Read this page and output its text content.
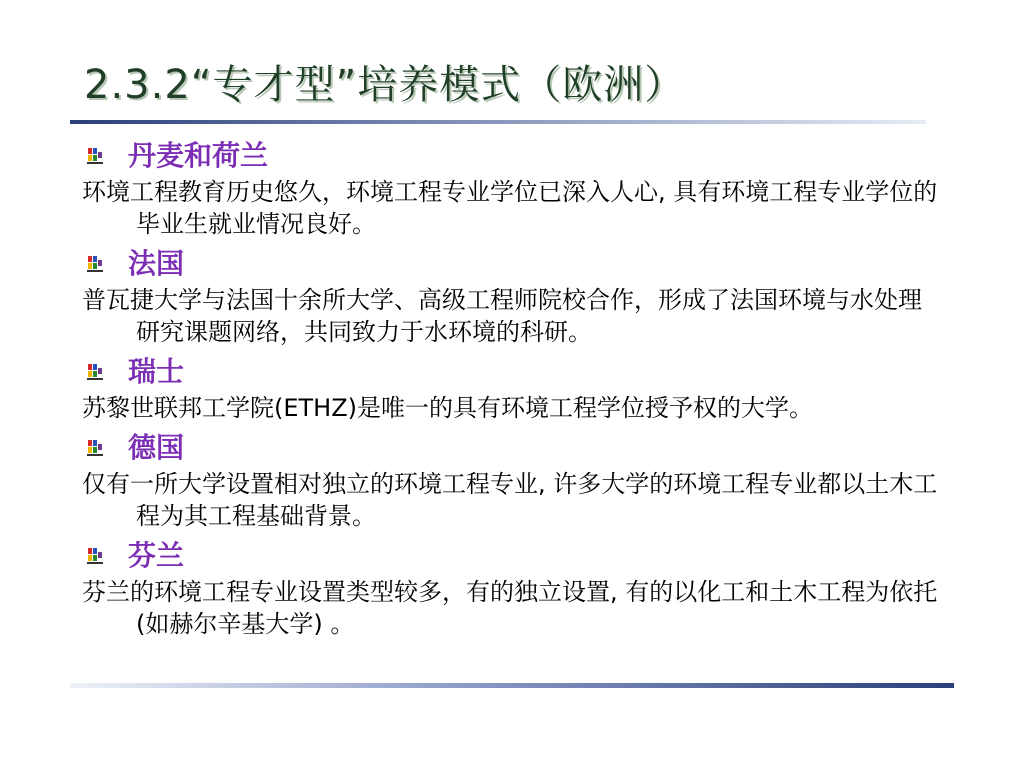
2.3.2“专才型”培养模式（欧洲）
丹麦和荷兰
环境工程教育历史悠久，环境工程专业学位已深入人心, 具有环境工程专业学位的毕业生就业情况良好。
法国
普瓦捷大学与法国十余所大学、高级工程师院校合作，形成了法国环境与水处理研究课题网络，共同致力于水环境的科研。
瑞士
苏黎世联邦工学院(ETHZ)是唯一的具有环境工程学位授予权的大学。
德国
仅有一所大学设置相对独立的环境工程专业, 许多大学的环境工程专业都以土木工程为其工程基础背景。
芬兰
芬兰的环境工程专业设置类型较多，有的独立设置, 有的以化工和土木工程为依托(如赫尔辛基大学) 。
